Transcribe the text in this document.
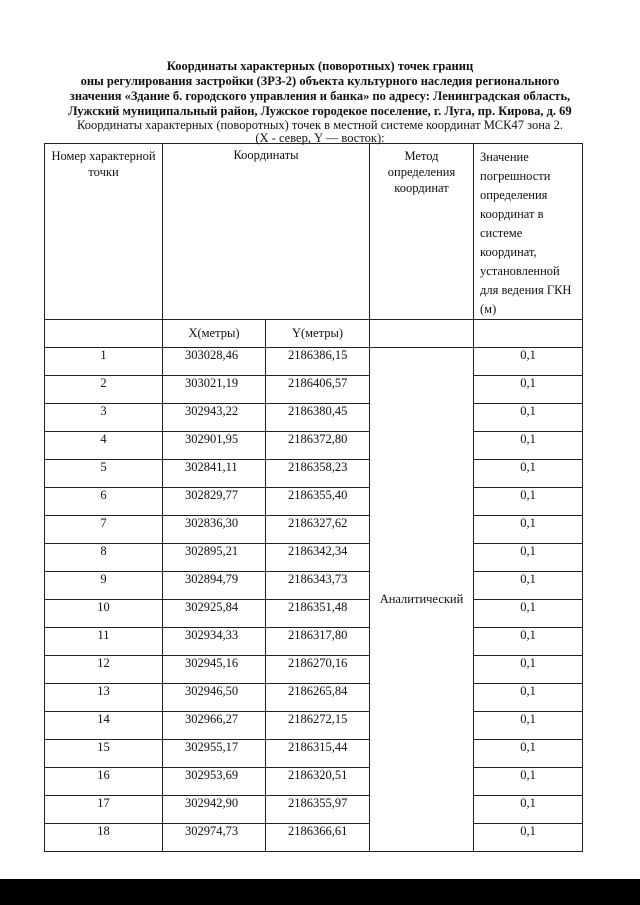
Координаты характерных (поворотных) точек границ
оны регулирования застройки (ЗРЗ-2) объекта культурного наследия регионального
значения «Здание б. городского управления и банка» по адресу: Ленинградская область,
Лужский муниципальный район, Лужское городекое поселение, г. Луга, пр. Кирова, д. 69
Координаты характерных (поворотных) точек в местной системе координат МСК47 зона 2.
(X - север, Y — восток):
Номер характерной точки	Координаты		Метод определения координат	Значение погрешности определения координат в системе координат, установленной для ведения ГКН (м)
	X(метры)	Y(метры)		
1	303028,46	2186386,15	Аналитический	0,1
2	303021,19	2186406,57		0,1
3	302943,22	2186380,45		0,1
4	302901,95	2186372,80		0,1
5	302841,11	2186358,23		0,1
6	302829,77	2186355,40		0,1
7	302836,30	2186327,62		0,1
8	302895,21	2186342,34		0,1
9	302894,79	2186343,73		0,1
10	302925,84	2186351,48		0,1
11	302934,33	2186317,80		0,1
12	302945,16	2186270,16		0,1
13	302946,50	2186265,84		0,1
14	302966,27	2186272,15		0,1
15	302955,17	2186315,44		0,1
16	302953,69	2186320,51		0,1
17	302942,90	2186355,97		0,1
18	302974,73	2186366,61		0,1
